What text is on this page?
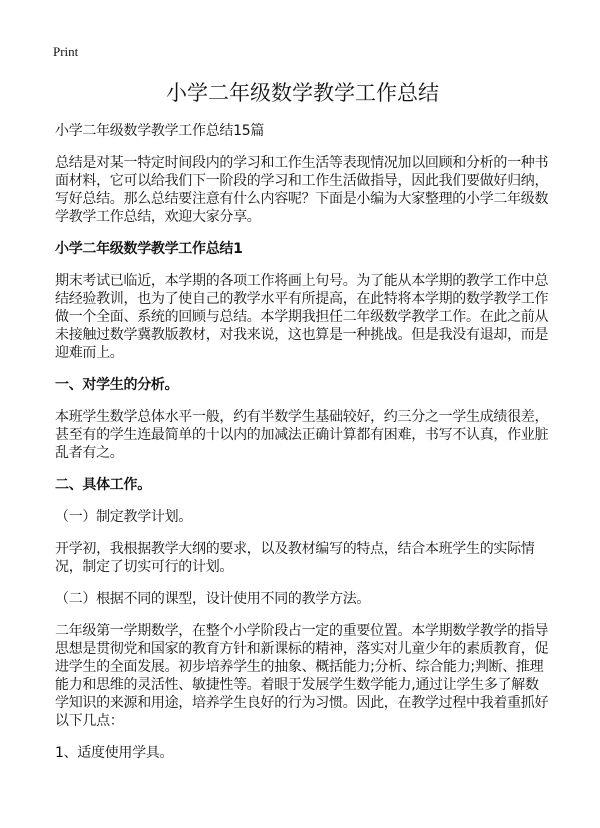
Print
小学二年级数学教学工作总结

小学二年级数学教学工作总结15篇

总结是对某一特定时间段内的学习和工作生活等表现情况加以回顾和分析的一种书面材料，它可以给我们下一阶段的学习和工作生活做指导，因此我们要做好归纳，写好总结。那么总结要注意有什么内容呢？下面是小编为大家整理的小学二年级数学教学工作总结，欢迎大家分享。

小学二年级数学教学工作总结1

期末考试已临近，本学期的各项工作将画上句号。为了能从本学期的教学工作中总结经验教训，也为了使自己的教学水平有所提高，在此特将本学期的数学教学工作做一个全面、系统的回顾与总结。本学期我担任二年级数学教学工作。在此之前从未接触过数学冀教版教材，对我来说，这也算是一种挑战。但是我没有退却，而是迎难而上。

一、对学生的分析。

本班学生数学总体水平一般，约有半数学生基础较好，约三分之一学生成绩很差，甚至有的学生连最简单的十以内的加减法正确计算都有困难，书写不认真，作业脏乱者有之。

二、具体工作。

（一）制定教学计划。

开学初，我根据教学大纲的要求，以及教材编写的特点，结合本班学生的实际情况，制定了切实可行的计划。

（二）根据不同的课型，设计使用不同的教学方法。

二年级第一学期数学，在整个小学阶段占一定的重要位置。本学期数学教学的指导思想是贯彻党和国家的教育方针和新课标的精神，落实对儿童少年的素质教育，促进学生的全面发展。初步培养学生的抽象、概括能力;分析、综合能力;判断、推理能力和思维的灵活性、敏捷性等。着眼于发展学生数学能力,通过让学生多了解数学知识的来源和用途，培养学生良好的行为习惯。因此，在教学过程中我着重抓好以下几点：

1、适度使用学具。
